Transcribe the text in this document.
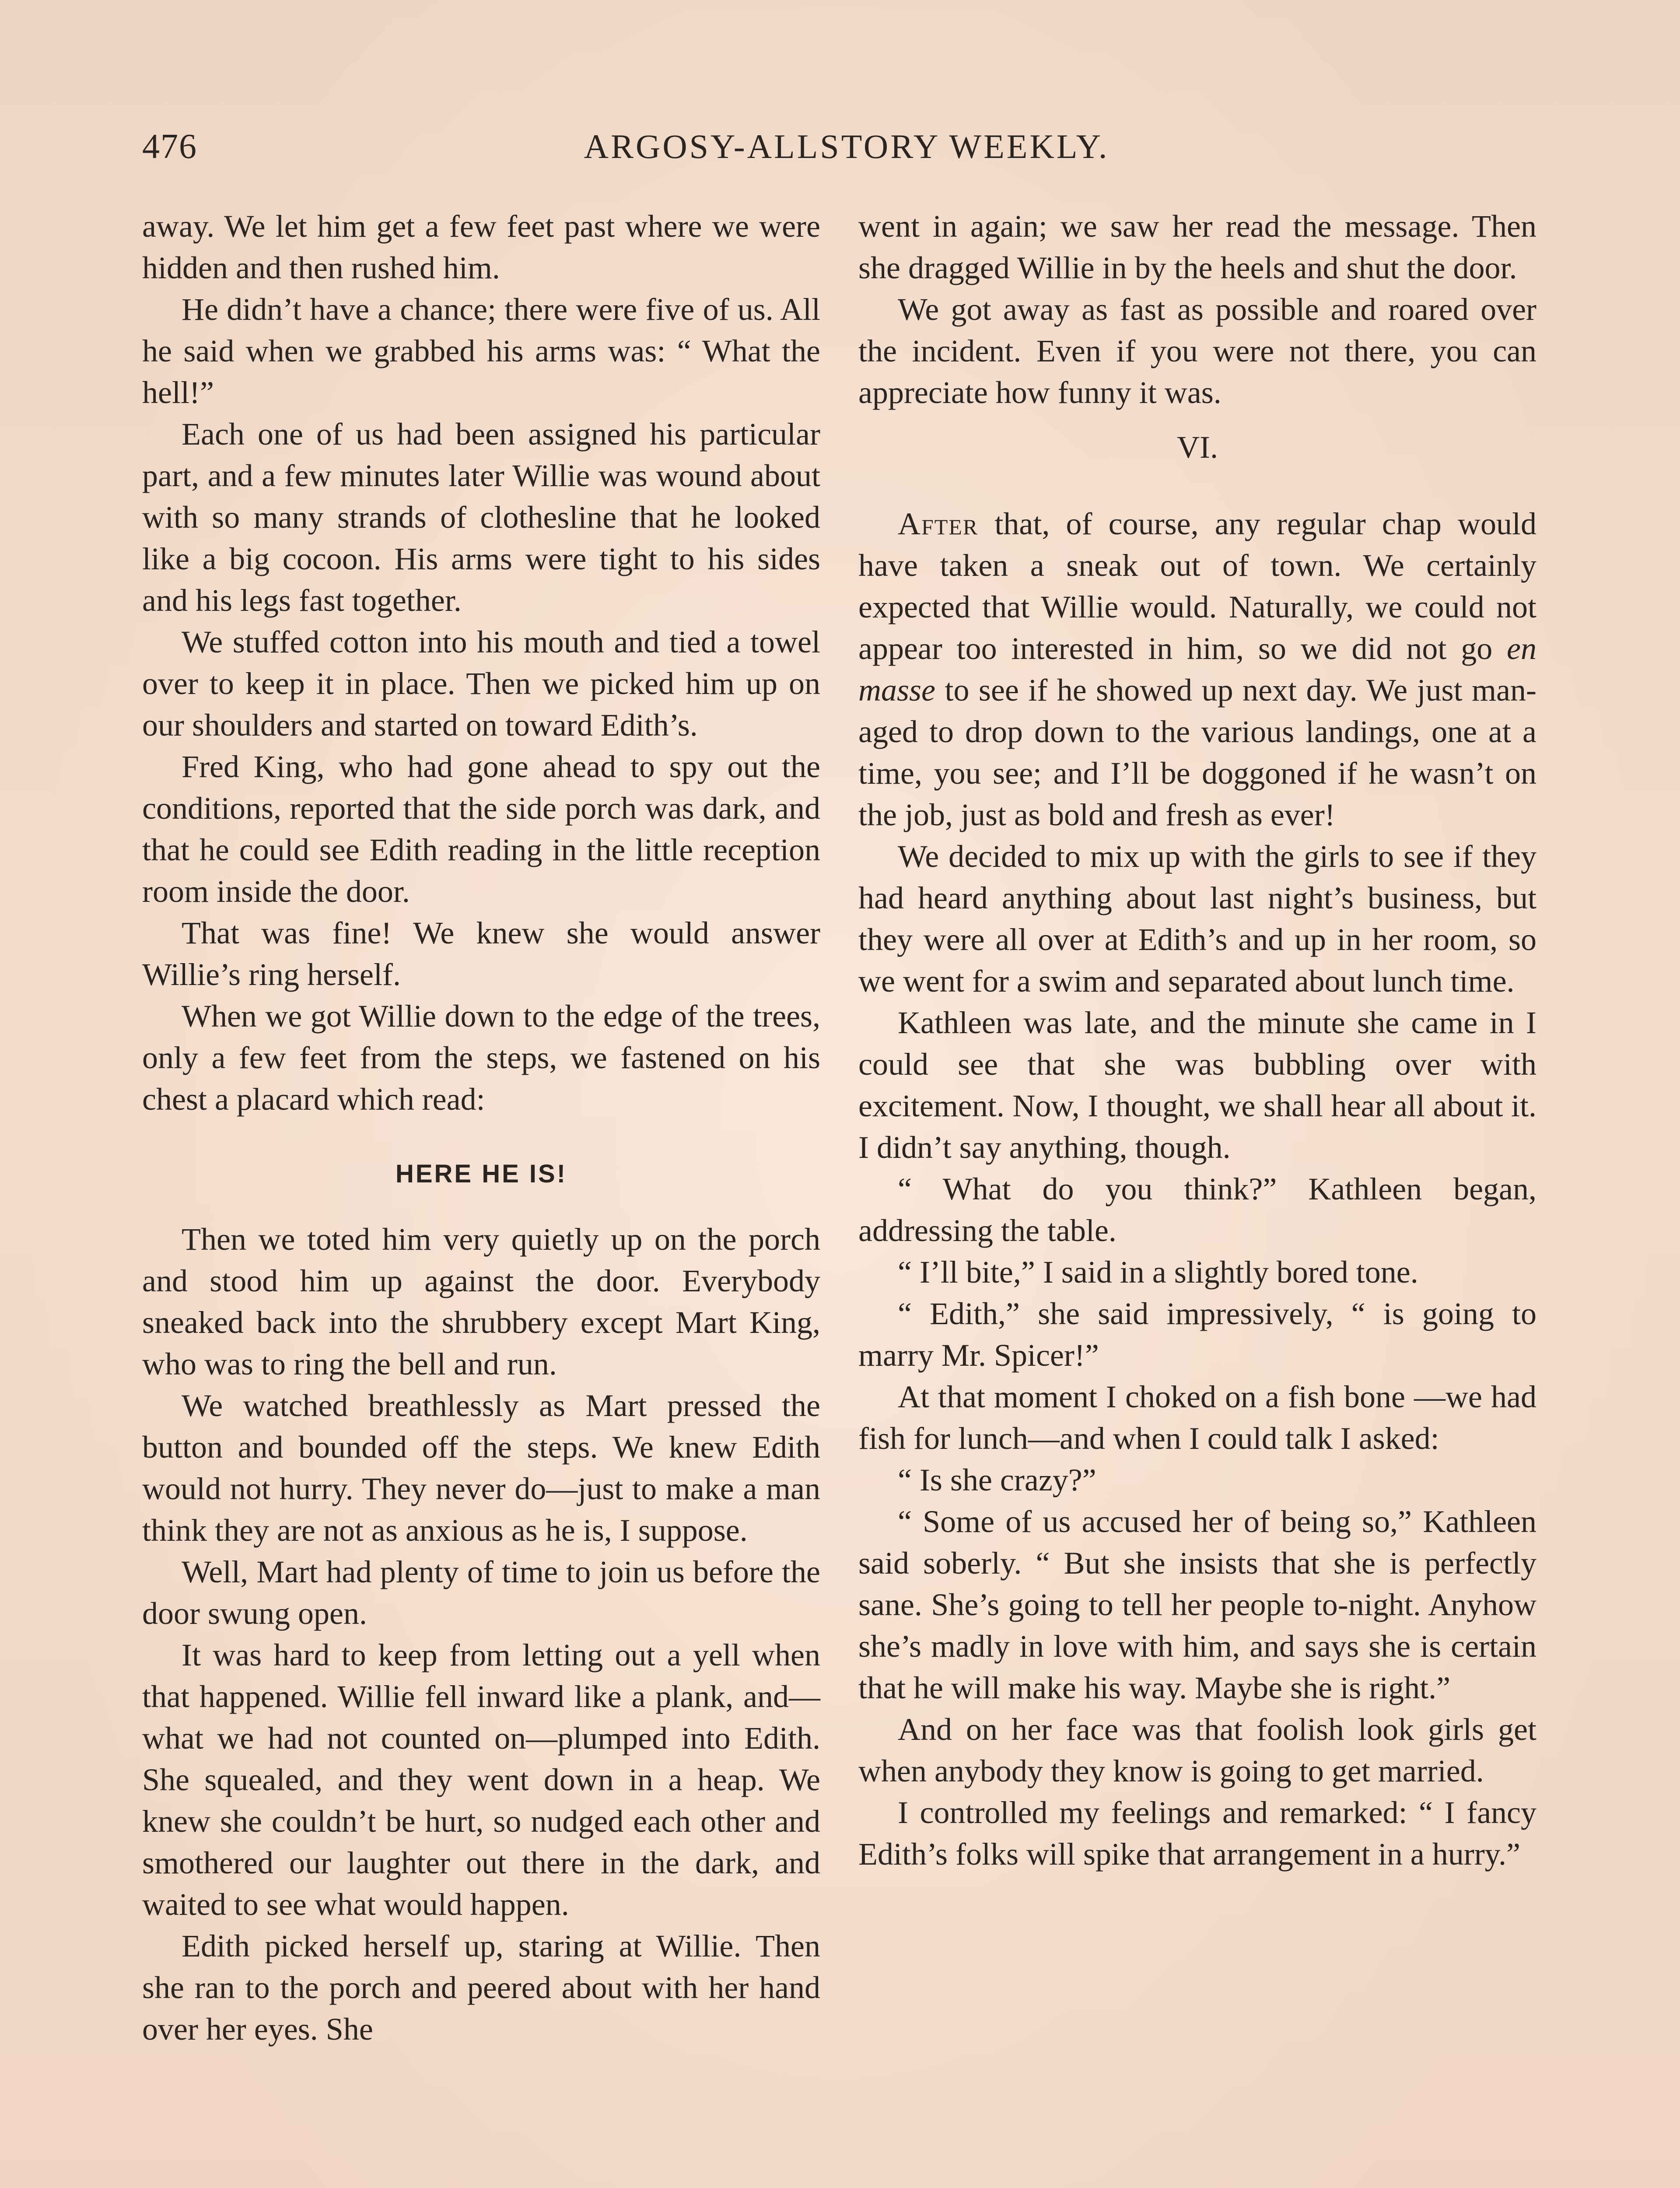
476	ARGOSY-ALLSTORY WEEKLY.

away. We let him get a few feet past where we were hidden and then rushed him.

He didn’t have a chance; there were five of us. All he said when we grabbed his arms was: “ What the hell!”

Each one of us had been assigned his particular part, and a few minutes later Willie was wound about with so many strands of clothesline that he looked like a big cocoon. His arms were tight to his sides and his legs fast together.

We stuffed cotton into his mouth and tied a towel over to keep it in place. Then we picked him up on our shoulders and started on toward Edith’s.

Fred King, who had gone ahead to spy out the conditions, reported that the side porch was dark, and that he could see Edith reading in the little reception room inside the door.

That was fine! We knew she would answer Willie’s ring herself.

When we got Willie down to the edge of the trees, only a few feet from the steps, we fastened on his chest a placard which read:

HERE HE IS!

Then we toted him very quietly up on the porch and stood him up against the door. Everybody sneaked back into the shrubbery except Mart King, who was to ring the bell and run.

We watched breathlessly as Mart pressed the button and bounded off the steps. We knew Edith would not hurry. They never do—just to make a man think they are not as anxious as he is, I suppose.

Well, Mart had plenty of time to join us before the door swung open.

It was hard to keep from letting out a yell when that happened. Willie fell inward like a plank, and—what we had not counted on—plumped into Edith. She squealed, and they went down in a heap. We knew she couldn’t be hurt, so nudged each other and smothered our laughter out there in the dark, and waited to see what would happen.

Edith picked herself up, staring at Willie. Then she ran to the porch and peered about with her hand over her eyes. She

went in again; we saw her read the message. Then she dragged Willie in by the heels and shut the door.

We got away as fast as possible and roared over the incident. Even if you were not there, you can appreciate how funny it was.

VI.

After that, of course, any regular chap would have taken a sneak out of town. We certainly expected that Willie would. Naturally, we could not appear too interested in him, so we did not go en masse to see if he showed up next day. We just managed to drop down to the various landings, one at a time, you see; and I’ll be doggoned if he wasn’t on the job, just as bold and fresh as ever!

We decided to mix up with the girls to see if they had heard anything about last night’s business, but they were all over at Edith’s and up in her room, so we went for a swim and separated about lunch time.

Kathleen was late, and the minute she came in I could see that she was bubbling over with excitement. Now, I thought, we shall hear all about it. I didn’t say anything, though.

“ What do you think?” Kathleen began, addressing the table.

“ I’ll bite,” I said in a slightly bored tone.

“ Edith,” she said impressively, “ is going to marry Mr. Spicer!”

At that moment I choked on a fish bone —we had fish for lunch—and when I could talk I asked:

“ Is she crazy?”

“ Some of us accused her of being so,” Kathleen said soberly. “ But she insists that she is perfectly sane. She’s going to tell her people to-night. Anyhow she’s madly in love with him, and says she is certain that he will make his way. Maybe she is right.”

And on her face was that foolish look girls get when anybody they know is going to get married.

I controlled my feelings and remarked: “ I fancy Edith’s folks will spike that arrangement in a hurry.”
